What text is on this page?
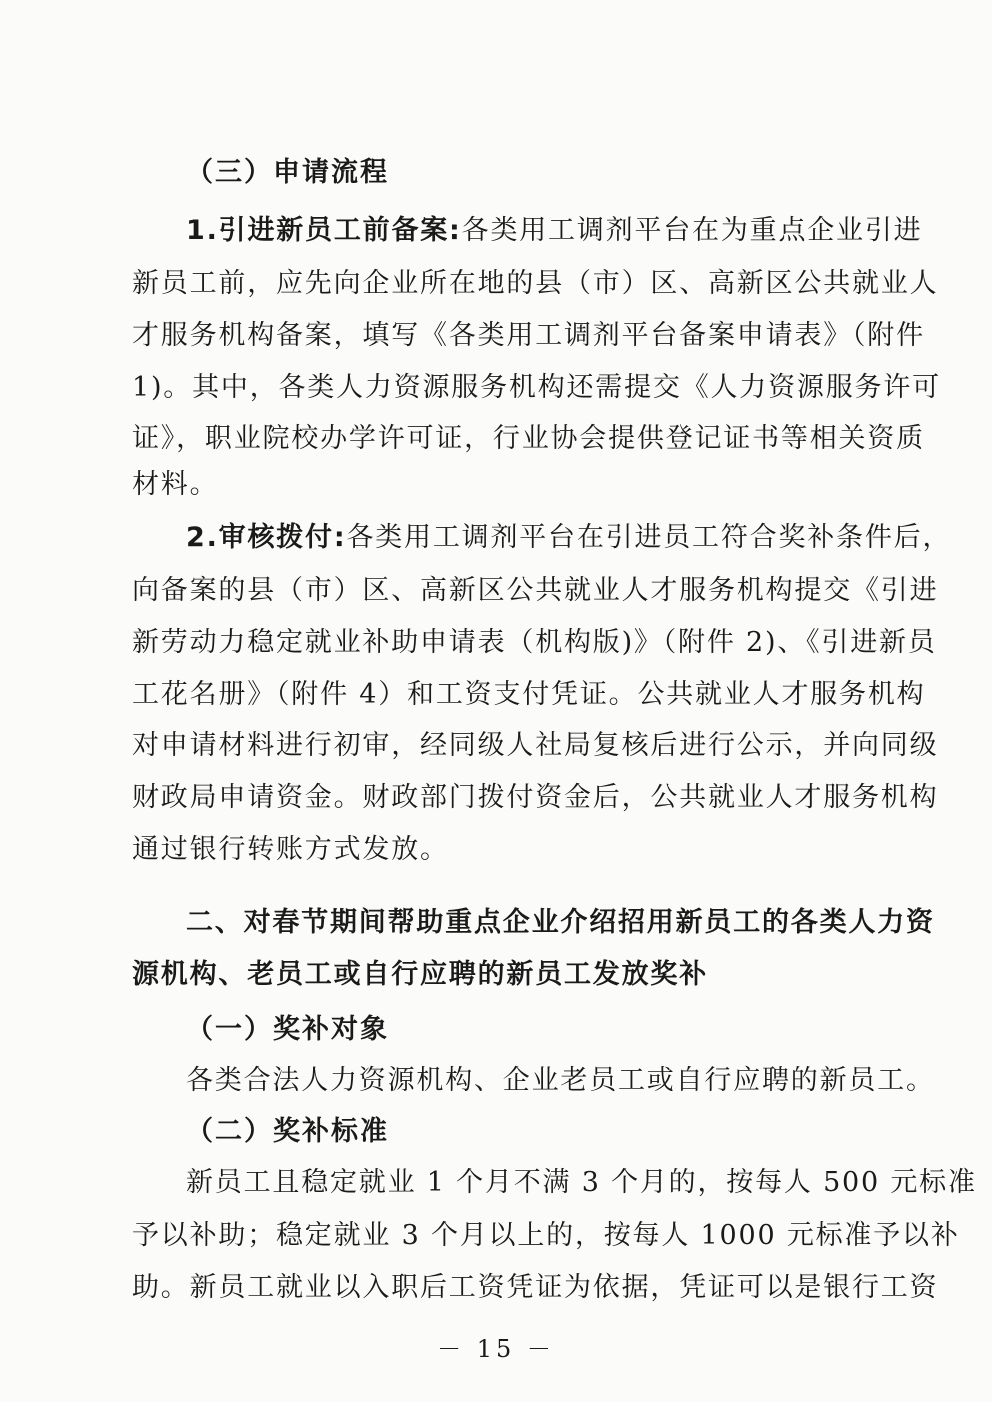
（三）申请流程
1.引进新员工前备案:各类用工调剂平台在为重点企业引进
新员工前，应先向企业所在地的县（市）区、高新区公共就业人
才服务机构备案，填写《各类用工调剂平台备案申请表》（附件
1)。其中，各类人力资源服务机构还需提交《人力资源服务许可
证》，职业院校办学许可证，行业协会提供登记证书等相关资质
材料。
2.审核拨付:各类用工调剂平台在引进员工符合奖补条件后，
向备案的县（市）区、高新区公共就业人才服务机构提交《引进
新劳动力稳定就业补助申请表（机构版)》（附件 2)、《引进新员
工花名册》（附件 4）和工资支付凭证。公共就业人才服务机构
对申请材料进行初审，经同级人社局复核后进行公示，并向同级
财政局申请资金。财政部门拨付资金后，公共就业人才服务机构
通过银行转账方式发放。
二、对春节期间帮助重点企业介绍招用新员工的各类人力资
源机构、老员工或自行应聘的新员工发放奖补
（一）奖补对象
各类合法人力资源机构、企业老员工或自行应聘的新员工。
（二）奖补标准
新员工且稳定就业 1 个月不满 3 个月的，按每人 500 元标准
予以补助；稳定就业 3 个月以上的，按每人 1000 元标准予以补
助。新员工就业以入职后工资凭证为依据，凭证可以是银行工资
－ 15 －
